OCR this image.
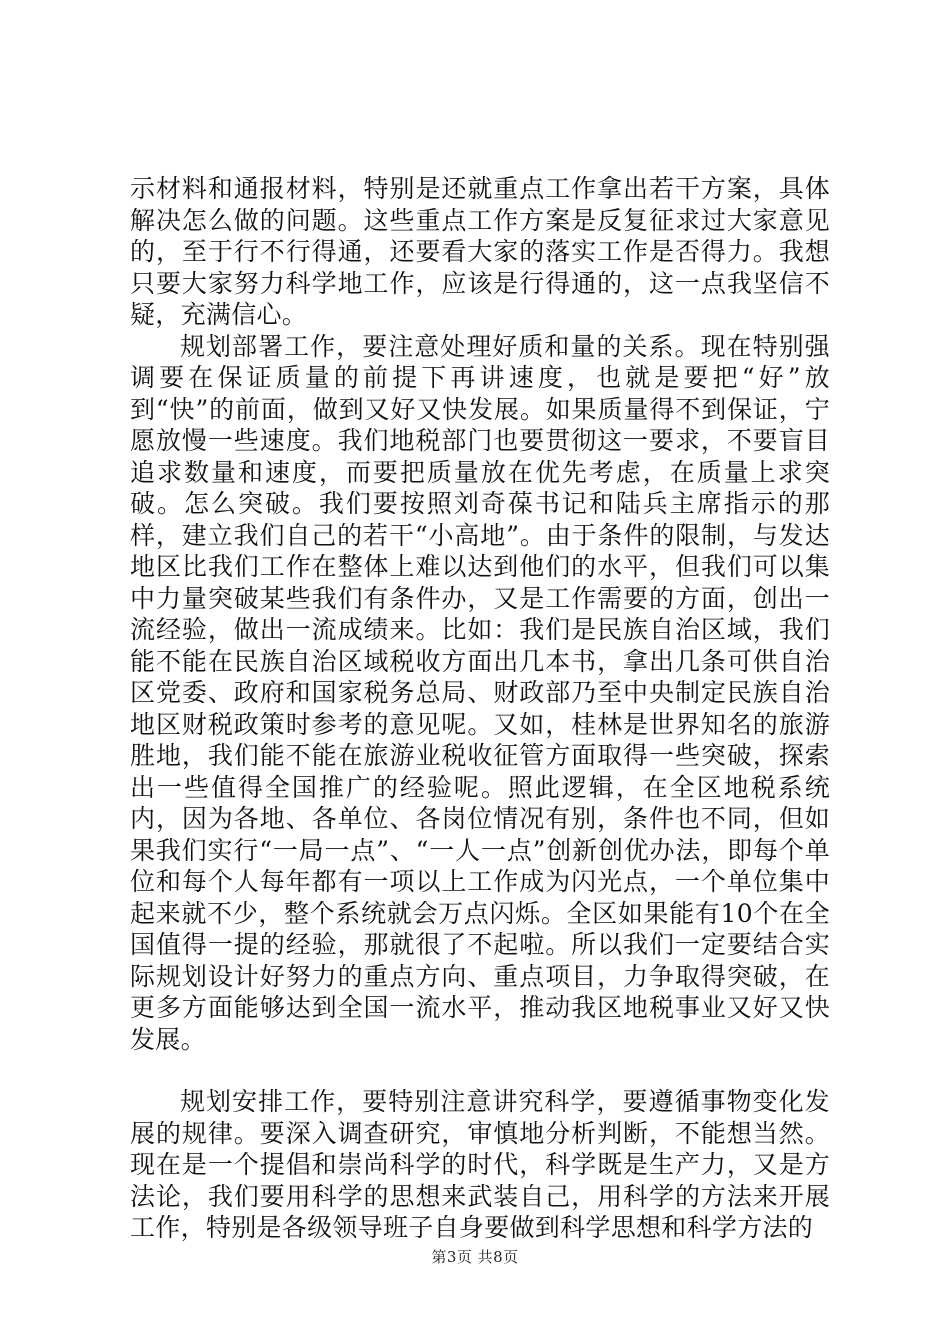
示材料和通报材料，特别是还就重点工作拿出若干方案，具体解决怎么做的问题。这些重点工作方案是反复征求过大家意见的，至于行不行得通，还要看大家的落实工作是否得力。我想只要大家努力科学地工作，应该是行得通的，这一点我坚信不疑，充满信心。

规划部署工作，要注意处理好质和量的关系。现在特别强调要在保证质量的前提下再讲速度，也就是要把“好”放到“快”的前面，做到又好又快发展。如果质量得不到保证，宁愿放慢一些速度。我们地税部门也要贯彻这一要求，不要盲目追求数量和速度，而要把质量放在优先考虑，在质量上求突破。怎么突破。我们要按照刘奇葆书记和陆兵主席指示的那样，建立我们自己的若干“小高地”。由于条件的限制，与发达地区比我们工作在整体上难以达到他们的水平，但我们可以集中力量突破某些我们有条件办，又是工作需要的方面，创出一流经验，做出一流成绩来。比如：我们是民族自治区域，我们能不能在民族自治区域税收方面出几本书，拿出几条可供自治区党委、政府和国家税务总局、财政部乃至中央制定民族自治地区财税政策时参考的意见呢。又如，桂林是世界知名的旅游胜地，我们能不能在旅游业税收征管方面取得一些突破，探索出一些值得全国推广的经验呢。照此逻辑，在全区地税系统内，因为各地、各单位、各岗位情况有别，条件也不同，但如果我们实行“一局一点”、“一人一点”创新创优办法，即每个单位和每个人每年都有一项以上工作成为闪光点，一个单位集中起来就不少，整个系统就会万点闪烁。全区如果能有10个在全国值得一提的经验，那就很了不起啦。所以我们一定要结合实际规划设计好努力的重点方向、重点项目，力争取得突破，在更多方面能够达到全国一流水平，推动我区地税事业又好又快发展。

规划安排工作，要特别注意讲究科学，要遵循事物变化发展的规律。要深入调查研究，审慎地分析判断，不能想当然。现在是一个提倡和崇尚科学的时代，科学既是生产力，又是方法论，我们要用科学的思想来武装自己，用科学的方法来开展工作，特别是各级领导班子自身要做到科学思想和科学方法的

第3页 共8页
